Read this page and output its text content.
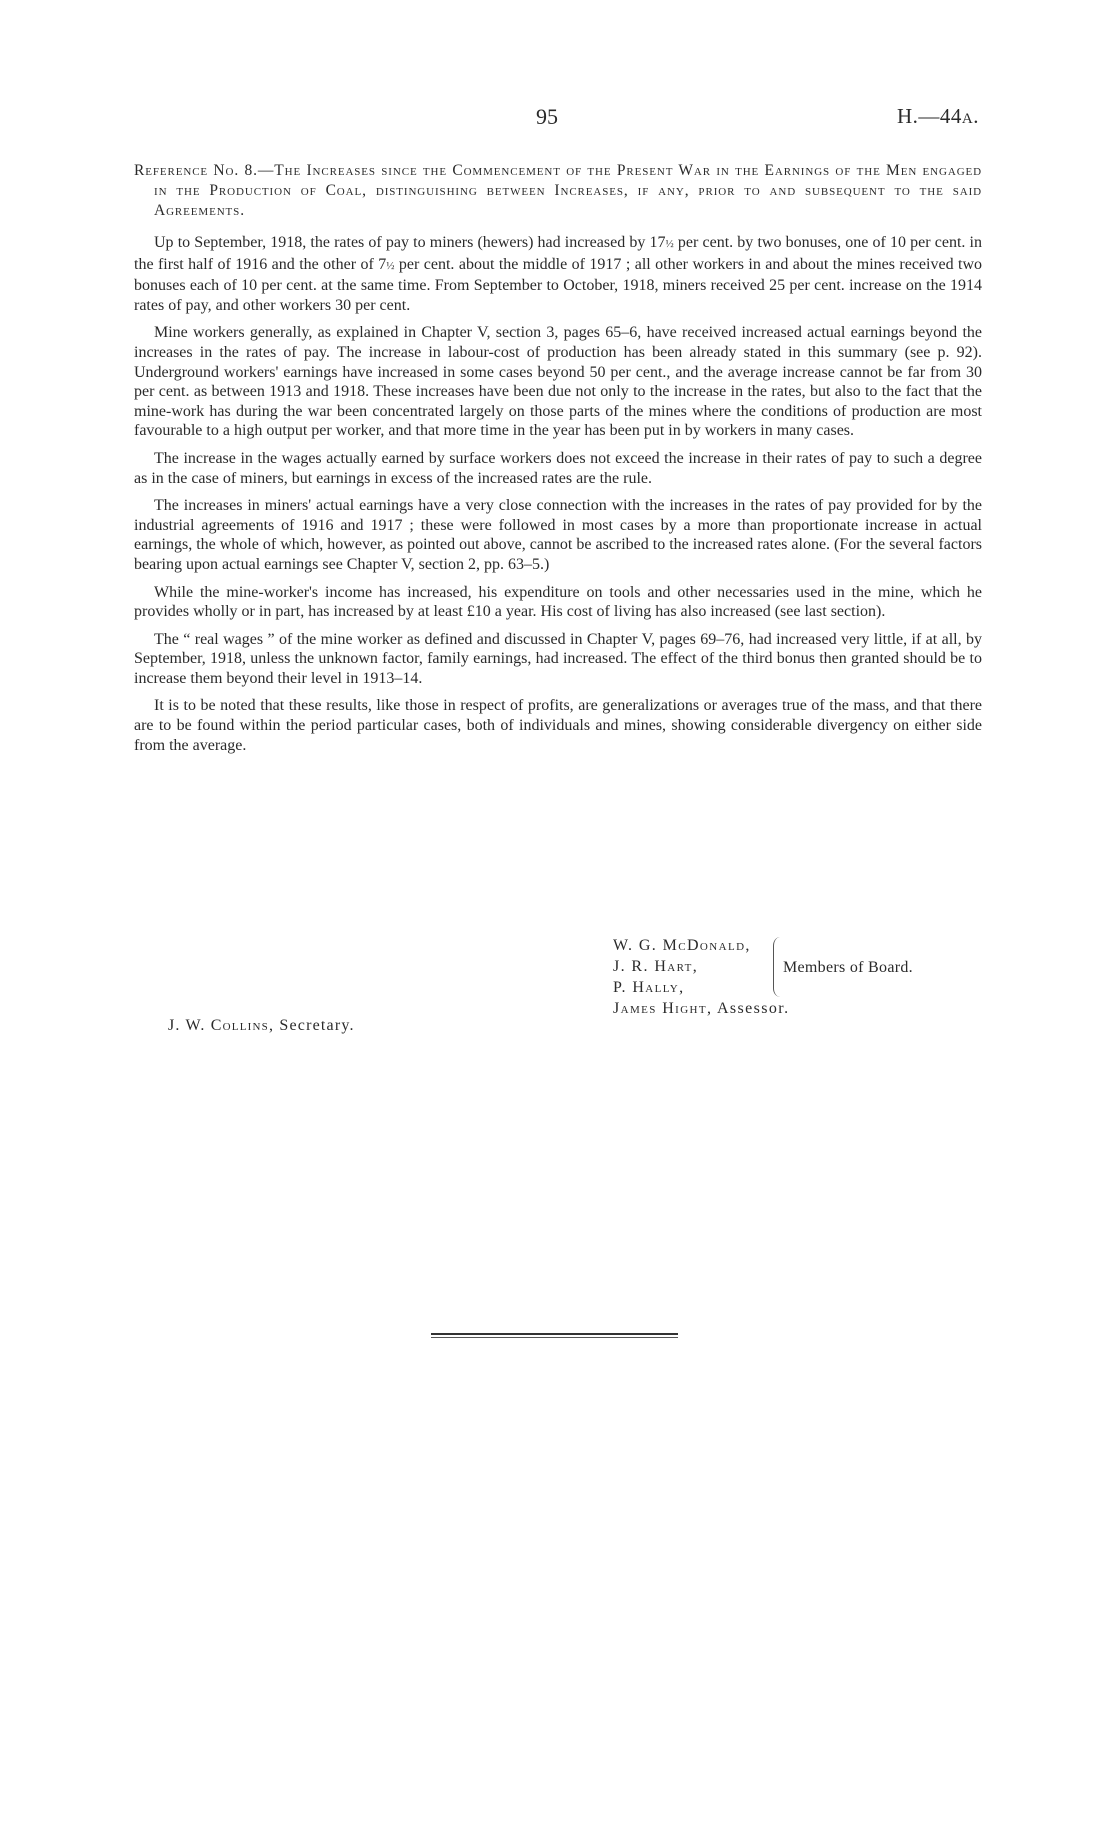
95	H.—44a.
Reference No. 8.—The Increases since the Commencement of the Present War in the Earnings of the Men engaged in the Production of Coal, distinguishing between Increases, if any, prior to and subsequent to the said Agreements.

Up to September, 1918, the rates of pay to miners (hewers) had increased by 17½ per cent. by two bonuses, one of 10 per cent. in the first half of 1916 and the other of 7½ per cent. about the middle of 1917 ; all other workers in and about the mines received two bonuses each of 10 per cent. at the same time. From September to October, 1918, miners received 25 per cent. increase on the 1914 rates of pay, and other workers 30 per cent.

Mine workers generally, as explained in Chapter V, section 3, pages 65–6, have received increased actual earnings beyond the increases in the rates of pay. The increase in labour-cost of production has been already stated in this summary (see p. 92). Underground workers' earnings have increased in some cases beyond 50 per cent., and the average increase cannot be far from 30 per cent. as between 1913 and 1918. These increases have been due not only to the increase in the rates, but also to the fact that the mine-work has during the war been concentrated largely on those parts of the mines where the conditions of production are most favourable to a high output per worker, and that more time in the year has been put in by workers in many cases.

The increase in the wages actually earned by surface workers does not exceed the increase in their rates of pay to such a degree as in the case of miners, but earnings in excess of the increased rates are the rule.

The increases in miners' actual earnings have a very close connection with the increases in the rates of pay provided for by the industrial agreements of 1916 and 1917 ; these were followed in most cases by a more than proportionate increase in actual earnings, the whole of which, however, as pointed out above, cannot be ascribed to the increased rates alone. (For the several factors bearing upon actual earnings see Chapter V, section 2, pp. 63–5.)

While the mine-worker's income has increased, his expenditure on tools and other necessaries used in the mine, which he provides wholly or in part, has increased by at least £10 a year. His cost of living has also increased (see last section).

The “ real wages ” of the mine worker as defined and discussed in Chapter V, pages 69–76, had increased very little, if at all, by September, 1918, unless the unknown factor, family earnings, had increased. The effect of the third bonus then granted should be to increase them beyond their level in 1913–14.

It is to be noted that these results, like those in respect of profits, are generalizations or averages true of the mass, and that there are to be found within the period particular cases, both of individuals and mines, showing considerable divergency on either side from the average.

W. G. McDonald,
J. R. Hart,
P. Hally,
James Hight, Assessor.
Members of Board.
J. W. Collins, Secretary.
